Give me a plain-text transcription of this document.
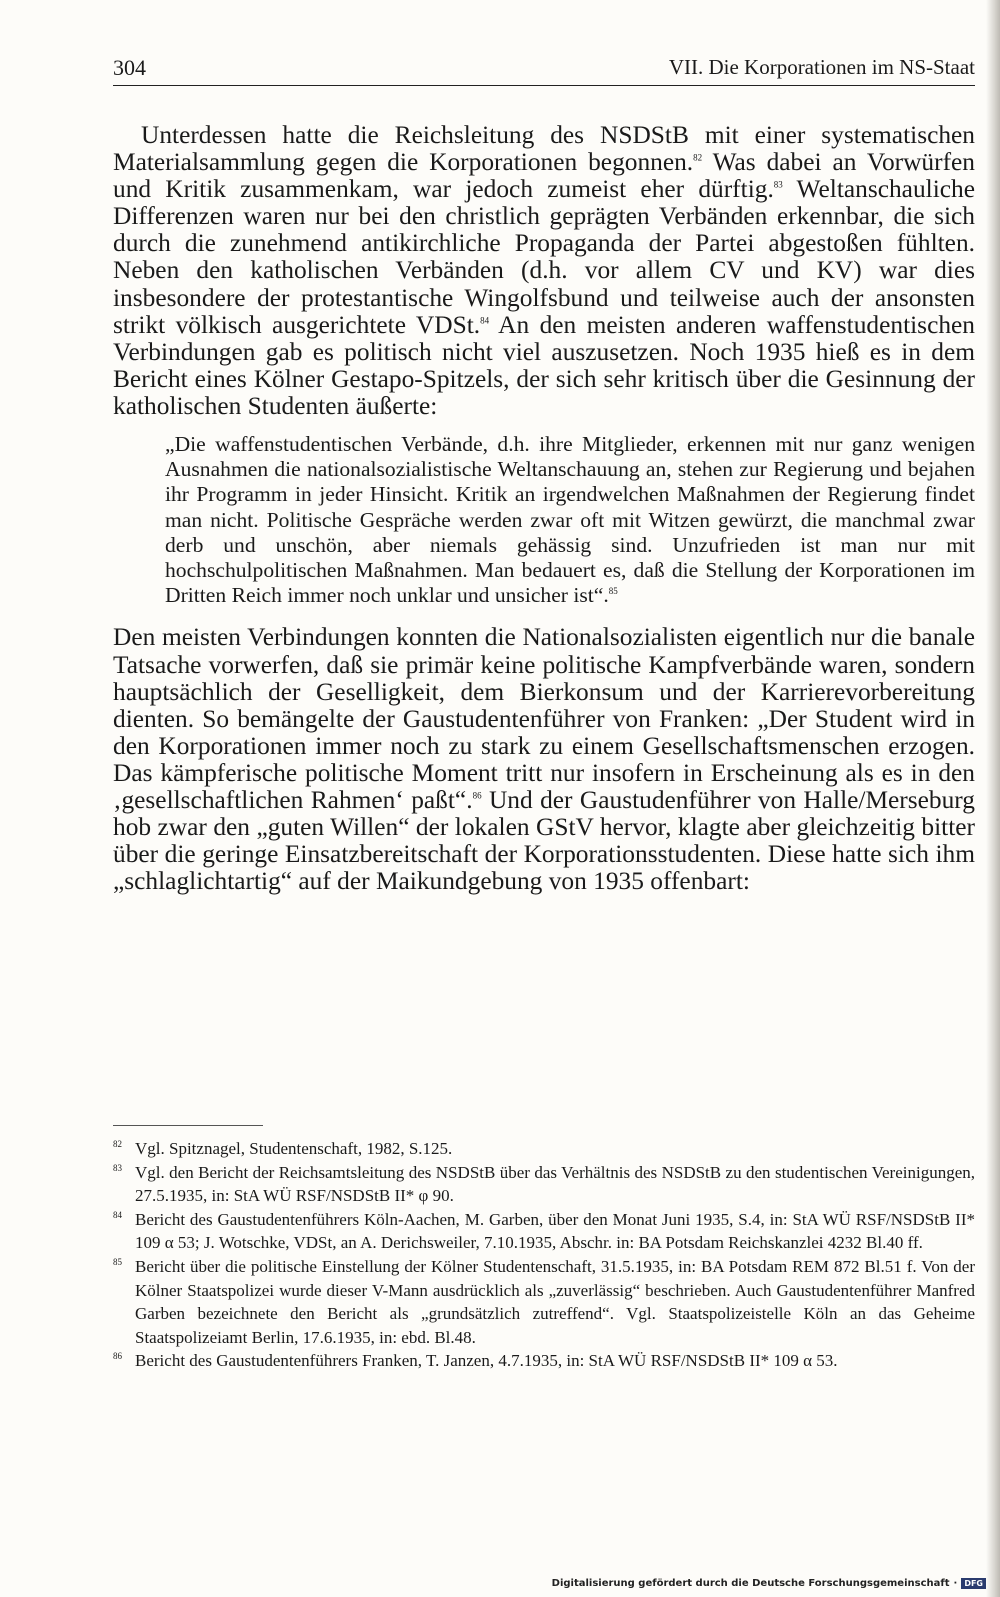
304	VII. Die Korporationen im NS-Staat

Unterdessen hatte die Reichsleitung des NSDStB mit einer systematischen Materialsammlung gegen die Korporationen begonnen.$^{82}$ Was dabei an Vorwürfen und Kritik zusammenkam, war jedoch zumeist eher dürftig.$^{83}$ Weltanschauliche Differenzen waren nur bei den christlich geprägten Verbänden erkennbar, die sich durch die zunehmend antikirchliche Propaganda der Partei abgestoßen fühlten. Neben den katholischen Verbänden (d.h. vor allem CV und KV) war dies insbesondere der protestantische Wingolfsbund und teilweise auch der ansonsten strikt völkisch ausgerichtete VDSt.$^{84}$ An den meisten anderen waffenstudentischen Verbindungen gab es politisch nicht viel auszusetzen. Noch 1935 hieß es in dem Bericht eines Kölner Gestapo-Spitzels, der sich sehr kritisch über die Gesinnung der katholischen Studenten äußerte:

„Die waffenstudentischen Verbände, d.h. ihre Mitglieder, erkennen mit nur ganz wenigen Ausnahmen die nationalsozialistische Weltanschauung an, stehen zur Regierung und bejahen ihr Programm in jeder Hinsicht. Kritik an irgendwelchen Maßnahmen der Regierung findet man nicht. Politische Gespräche werden zwar oft mit Witzen gewürzt, die manchmal zwar derb und unschön, aber niemals gehässig sind. Unzufrieden ist man nur mit hochschulpolitischen Maßnahmen. Man bedauert es, daß die Stellung der Korporationen im Dritten Reich immer noch unklar und unsicher ist“.$^{85}$

Den meisten Verbindungen konnten die Nationalsozialisten eigentlich nur die banale Tatsache vorwerfen, daß sie primär keine politische Kampfverbände waren, sondern hauptsächlich der Geselligkeit, dem Bierkonsum und der Karrierevorbereitung dienten. So bemängelte der Gaustudentenführer von Franken: „Der Student wird in den Korporationen immer noch zu stark zu einem Gesellschaftsmenschen erzogen. Das kämpferische politische Moment tritt nur insofern in Erscheinung als es in den ‚gesellschaftlichen Rahmen‘ paßt“.$^{86}$ Und der Gaustudenführer von Halle/Merseburg hob zwar den „guten Willen“ der lokalen GStV hervor, klagte aber gleichzeitig bitter über die geringe Einsatzbereitschaft der Korporationsstudenten. Diese hatte sich ihm „schlaglichtartig“ auf der Maikundgebung von 1935 offenbart:

82 Vgl. Spitznagel, Studentenschaft, 1982, S.125.
83 Vgl. den Bericht der Reichsamtsleitung des NSDStB über das Verhältnis des NSDStB zu den studentischen Vereinigungen, 27.5.1935, in: StA WÜ RSF/NSDStB II* φ 90.
84 Bericht des Gaustudentenführers Köln-Aachen, M. Garben, über den Monat Juni 1935, S.4, in: StA WÜ RSF/NSDStB II* 109 α 53; J. Wotschke, VDSt, an A. Derichsweiler, 7.10.1935, Abschr. in: BA Potsdam Reichskanzlei 4232 Bl.40 ff.
85 Bericht über die politische Einstellung der Kölner Studentenschaft, 31.5.1935, in: BA Potsdam REM 872 Bl.51 f. Von der Kölner Staatspolizei wurde dieser V-Mann ausdrücklich als „zuverlässig“ beschrieben. Auch Gaustudentenführer Manfred Garben bezeichnete den Bericht als „grundsätzlich zutreffend“. Vgl. Staatspolizeistelle Köln an das Geheime Staatspolizeiamt Berlin, 17.6.1935, in: ebd. Bl.48.
86 Bericht des Gaustudentenführers Franken, T. Janzen, 4.7.1935, in: StA WÜ RSF/NSDStB II* 109 α 53.
Digitalisierung gefördert durch die Deutsche Forschungsgemeinschaft · DFG
